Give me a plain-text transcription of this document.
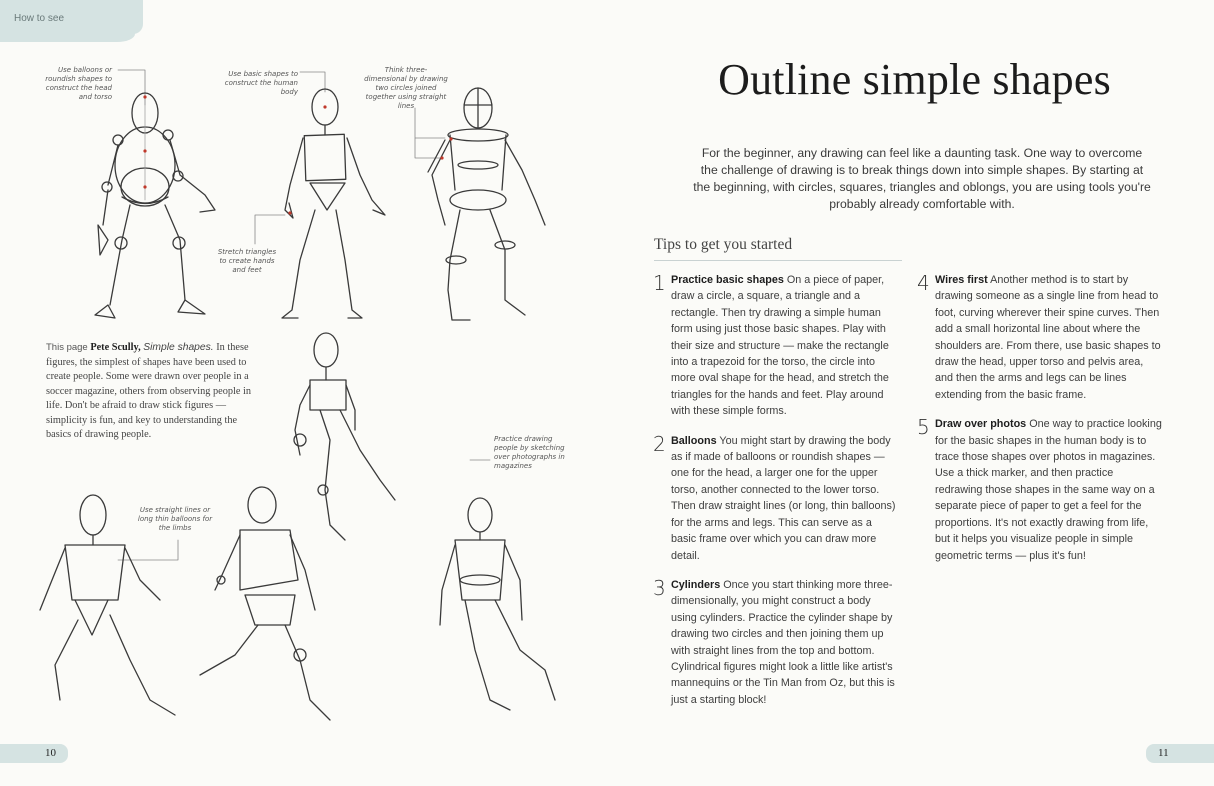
How to see
Use balloons or roundish shapes to construct the head and torso
Use basic shapes to construct the human body
Think three-dimensional by drawing two circles joined together using straight lines
Stretch triangles to create hands and feet
Practice drawing people by sketching over photographs in magazines
Use straight lines or long thin balloons for the limbs
This page Pete Scully, Simple shapes. In these figures, the simplest of shapes have been used to create people. Some were drawn over people in a soccer magazine, others from observing people in life. Don't be afraid to draw stick figures — simplicity is fun, and key to understanding the basics of drawing people.
10
Outline simple shapes

For the beginner, any drawing can feel like a daunting task. One way to overcome the challenge of drawing is to break things down into simple shapes. By starting at the beginning, with circles, squares, triangles and oblongs, you are using tools you're probably already comfortable with.

Tips to get you started
1 Practice basic shapes On a piece of paper, draw a circle, a square, a triangle and a rectangle. Then try drawing a simple human form using just those basic shapes. Play with their size and structure — make the rectangle into a trapezoid for the torso, the circle into more oval shape for the head, and stretch the triangles for the hands and feet. Play around with these simple forms.
2 Balloons You might start by drawing the body as if made of balloons or roundish shapes — one for the head, a larger one for the upper torso, another connected to the lower torso. Then draw straight lines (or long, thin balloons) for the arms and legs. This can serve as a basic frame over which you can draw more detail.
3 Cylinders Once you start thinking more three-dimensionally, you might construct a body using cylinders. Practice the cylinder shape by drawing two circles and then joining them up with straight lines from the top and bottom. Cylindrical figures might look a little like artist's mannequins or the Tin Man from Oz, but this is just a starting block!
4 Wires first Another method is to start by drawing someone as a single line from head to foot, curving wherever their spine curves. Then add a small horizontal line about where the shoulders are. From there, use basic shapes to draw the head, upper torso and pelvis area, and then the arms and legs can be lines extending from the basic frame.
5 Draw over photos One way to practice looking for the basic shapes in the human body is to trace those shapes over photos in magazines. Use a thick marker, and then practice redrawing those shapes in the same way on a separate piece of paper to get a feel for the proportions. It's not exactly drawing from life, but it helps you visualize people in simple geometric terms — plus it's fun!
11
